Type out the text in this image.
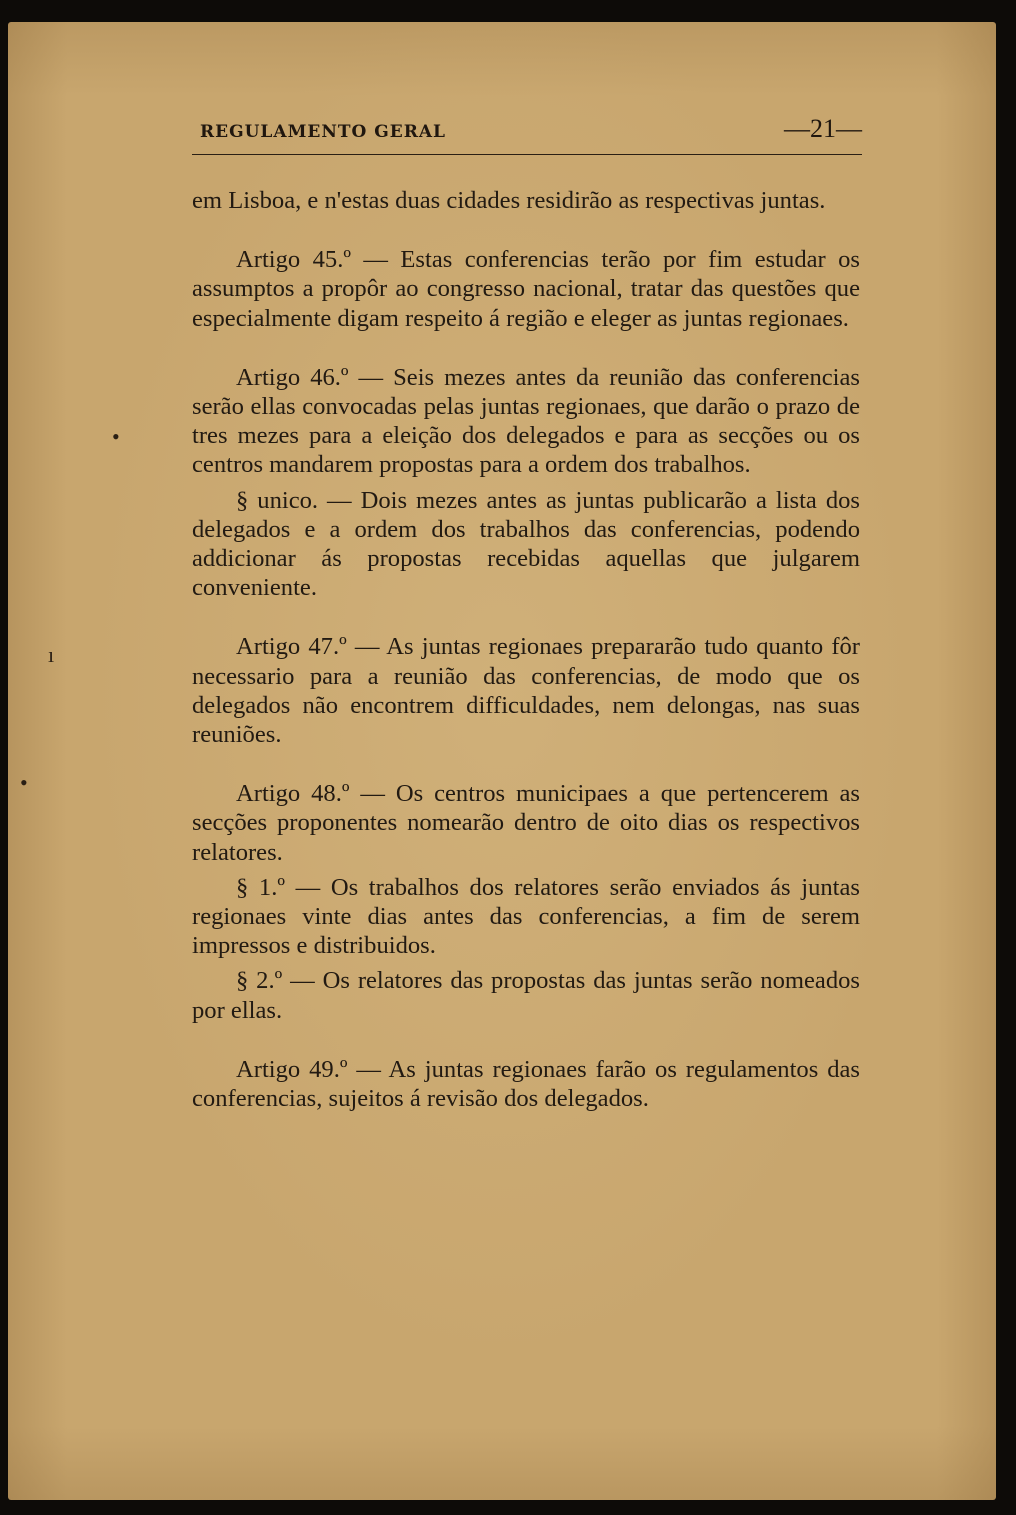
REGULAMENTO GERAL	—21—

em Lisboa, e n'estas duas cidades residirão as respectivas juntas.

Artigo 45.º — Estas conferencias terão por fim estudar os assumptos a propôr ao congresso nacional, tratar das questões que especialmente digam respeito á região e eleger as juntas regionaes.

Artigo 46.º — Seis mezes antes da reunião das conferencias serão ellas convocadas pelas juntas regionaes, que darão o prazo de tres mezes para a eleição dos delegados e para as secções ou os centros mandarem propostas para a ordem dos trabalhos.

§ unico. — Dois mezes antes as juntas publicarão a lista dos delegados e a ordem dos trabalhos das conferencias, podendo addicionar ás propostas recebidas aquellas que julgarem conveniente.

Artigo 47.º — As juntas regionaes prepararão tudo quanto fôr necessario para a reunião das conferencias, de modo que os delegados não encontrem difficuldades, nem delongas, nas suas reuniões.

Artigo 48.º — Os centros municipaes a que pertencerem as secções proponentes nomearão dentro de oito dias os respectivos relatores.

§ 1.º — Os trabalhos dos relatores serão enviados ás juntas regionaes vinte dias antes das conferencias, a fim de serem impressos e distribuidos.

§ 2.º — Os relatores das propostas das juntas serão nomeados por ellas.

Artigo 49.º — As juntas regionaes farão os regulamentos das conferencias, sujeitos á revisão dos delegados.

•
ı
•
